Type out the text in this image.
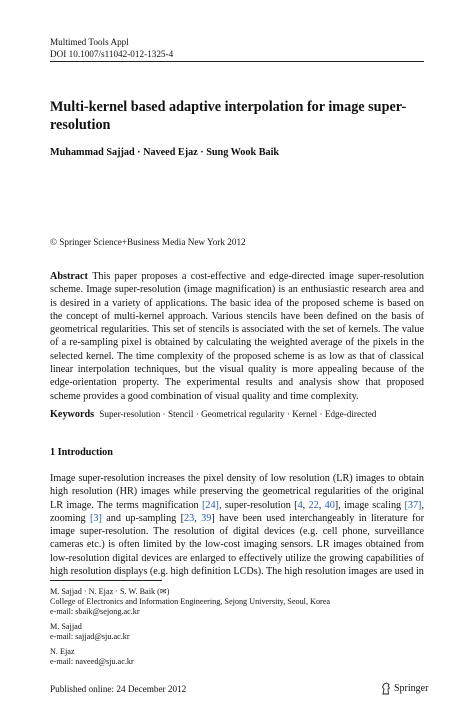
Multimed Tools Appl
DOI 10.1007/s11042-012-1325-4
Multi-kernel based adaptive interpolation for image super-resolution
Muhammad Sajjad · Naveed Ejaz · Sung Wook Baik
© Springer Science+Business Media New York 2012
Abstract This paper proposes a cost-effective and edge-directed image super-resolution scheme. Image super-resolution (image magnification) is an enthusiastic research area and is desired in a variety of applications. The basic idea of the proposed scheme is based on the concept of multi-kernel approach. Various stencils have been defined on the basis of geometrical regularities. This set of stencils is associated with the set of kernels. The value of a re-sampling pixel is obtained by calculating the weighted average of the pixels in the selected kernel. The time complexity of the proposed scheme is as low as that of classical linear interpolation techniques, but the visual quality is more appealing because of the edge-orientation property. The experimental results and analysis show that proposed scheme provides a good combination of visual quality and time complexity.
Keywords Super-resolution · Stencil · Geometrical regularity · Kernel · Edge-directed
1 Introduction
Image super-resolution increases the pixel density of low resolution (LR) images to obtain high resolution (HR) images while preserving the geometrical regularities of the original LR image. The terms magnification [24], super-resolution [4, 22, 40], image scaling [37], zooming [3] and up-sampling [23, 39] have been used interchangeably in literature for image super-resolution. The resolution of digital devices (e.g. cell phone, surveillance cameras etc.) is often limited by the low-cost imaging sensors. LR images obtained from low-resolution digital devices are enlarged to effectively utilize the growing capabilities of high resolution displays (e.g. high definition LCDs). The high resolution images are used in
M. Sajjad · N. Ejaz · S. W. Baik (✉)
College of Electronics and Information Engineering, Sejong University, Seoul, Korea
e-mail: sbaik@sejong.ac.kr
M. Sajjad
e-mail: sajjad@sju.ac.kr
N. Ejaz
e-mail: naveed@sju.ac.kr
Published online: 24 December 2012	Springer
